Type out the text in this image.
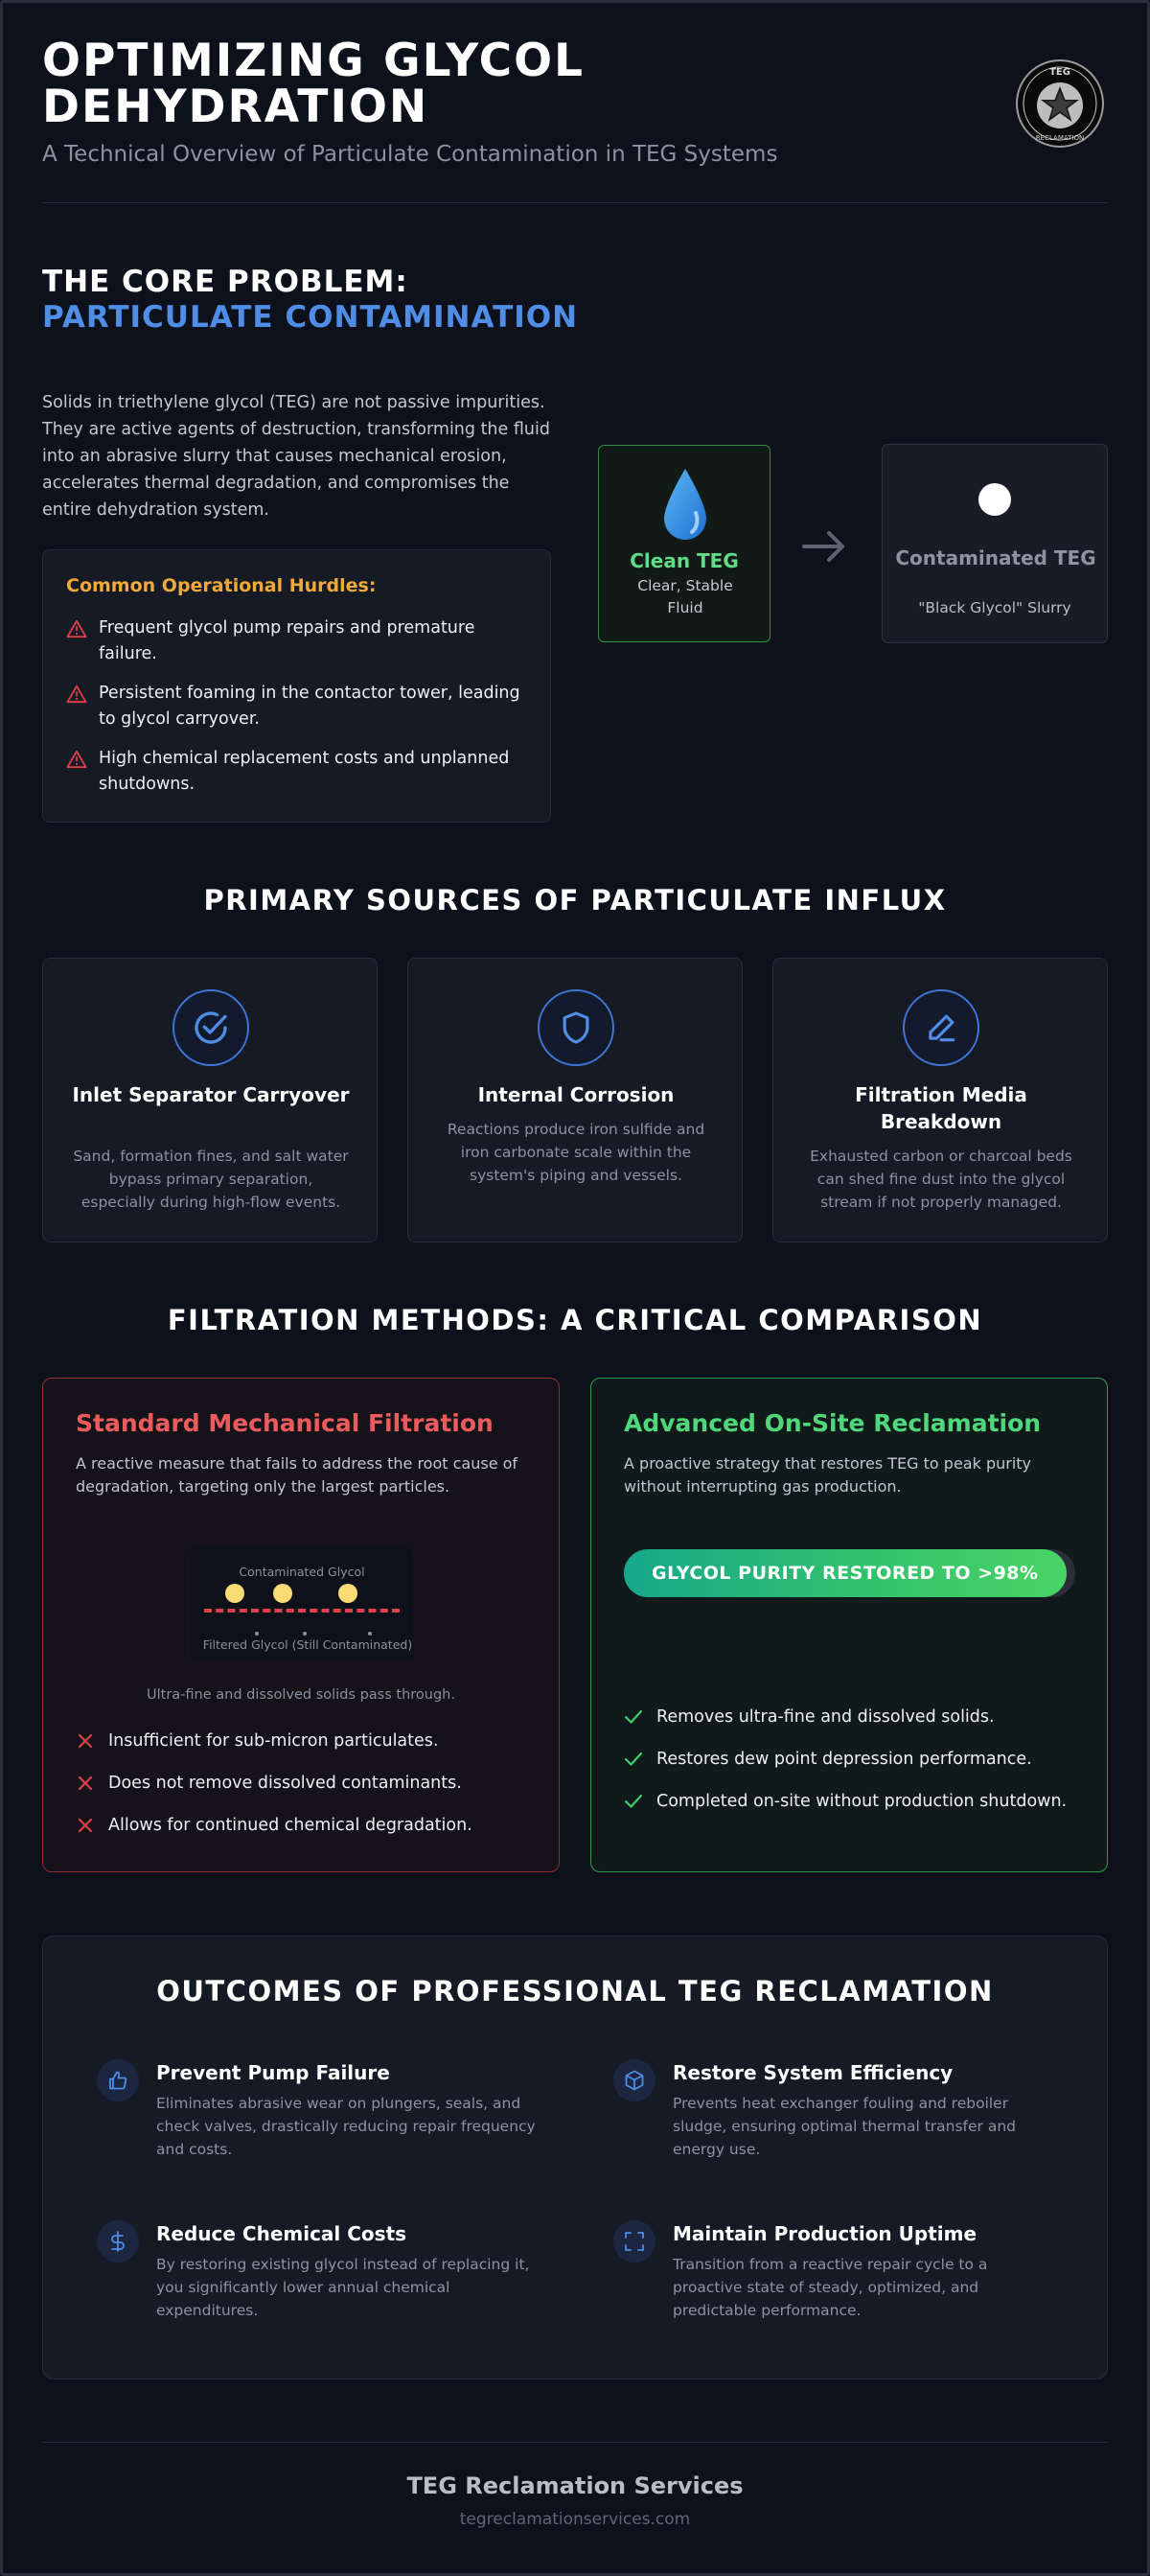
OPTIMIZING GLYCOL DEHYDRATION
A Technical Overview of Particulate Contamination in TEG Systems
TEG
RECLAMATION
THE CORE PROBLEM:
PARTICULATE CONTAMINATION

Solids in triethylene glycol (TEG) are not passive impurities. They are active agents of destruction, transforming the fluid into an abrasive slurry that causes mechanical erosion, accelerates thermal degradation, and compromises the entire dehydration system.

Common Operational Hurdles:
Frequent glycol pump repairs and premature failure.
Persistent foaming in the contactor tower, leading to glycol carryover.
High chemical replacement costs and unplanned shutdowns.
Clean TEG
Clear, Stable Fluid
Contaminated TEG
"Black Glycol" Slurry
PRIMARY SOURCES OF PARTICULATE INFLUX
Inlet Separator Carryover
Sand, formation fines, and salt water bypass primary separation, especially during high-flow events.
Internal Corrosion
Reactions produce iron sulfide and iron carbonate scale within the system's piping and vessels.
Filtration Media Breakdown
Exhausted carbon or charcoal beds can shed fine dust into the glycol stream if not properly managed.
FILTRATION METHODS: A CRITICAL COMPARISON
Standard Mechanical Filtration
A reactive measure that fails to address the root cause of degradation, targeting only the largest particles.
Contaminated Glycol
Filtered Glycol (Still Contaminated)
Ultra-fine and dissolved solids pass through.
Insufficient for sub-micron particulates.
Does not remove dissolved contaminants.
Allows for continued chemical degradation.
Advanced On-Site Reclamation
A proactive strategy that restores TEG to peak purity without interrupting gas production.
GLYCOL PURITY RESTORED TO >98%
Removes ultra-fine and dissolved solids.
Restores dew point depression performance.
Completed on-site without production shutdown.
OUTCOMES OF PROFESSIONAL TEG RECLAMATION
Prevent Pump Failure
Eliminates abrasive wear on plungers, seals, and check valves, drastically reducing repair frequency and costs.
Restore System Efficiency
Prevents heat exchanger fouling and reboiler sludge, ensuring optimal thermal transfer and energy use.
Reduce Chemical Costs
By restoring existing glycol instead of replacing it, you significantly lower annual chemical expenditures.
Maintain Production Uptime
Transition from a reactive repair cycle to a proactive state of steady, optimized, and predictable performance.
TEG Reclamation Services
tegreclamationservices.com
